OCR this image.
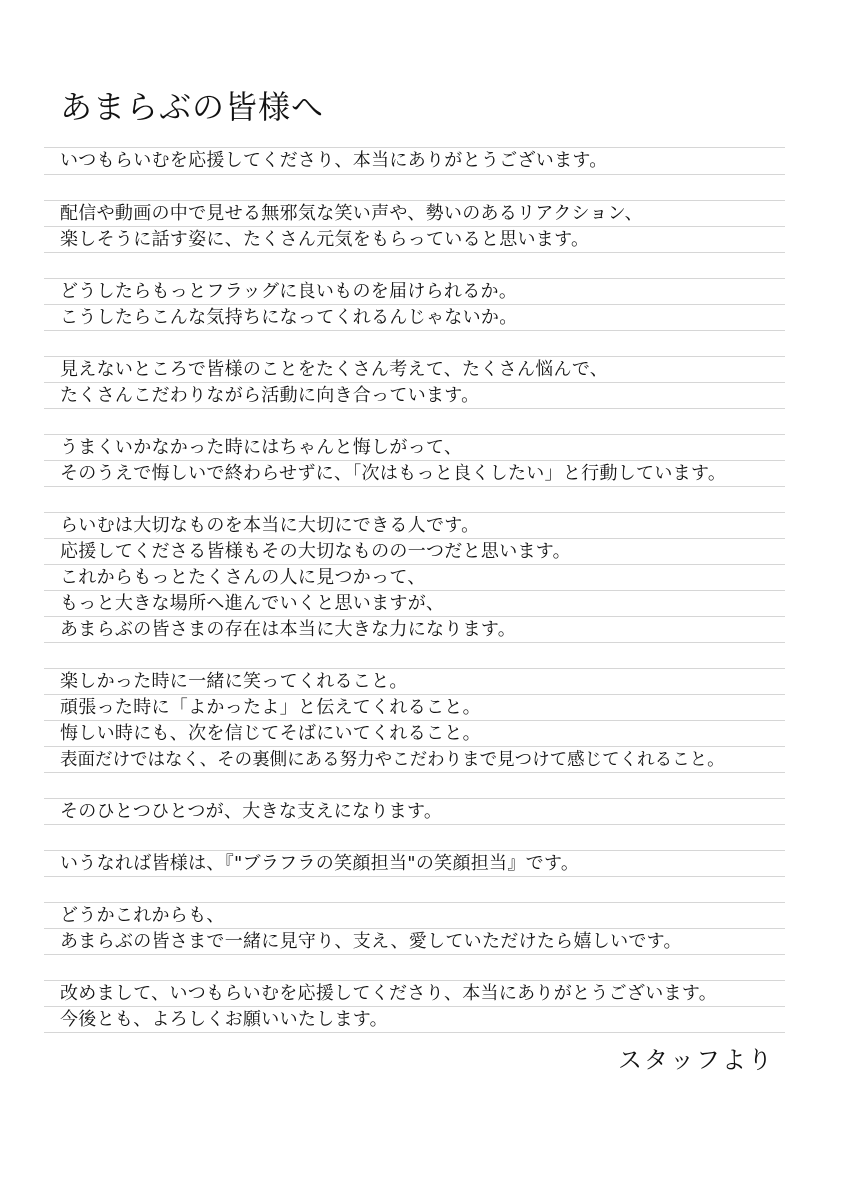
あまらぶの皆様へ
いつもらいむを応援してくださり、本当にありがとうございます。
配信や動画の中で見せる無邪気な笑い声や、勢いのあるリアクション、
楽しそうに話す姿に、たくさん元気をもらっていると思います。
どうしたらもっとフラッグに良いものを届けられるか。
こうしたらこんな気持ちになってくれるんじゃないか。
見えないところで皆様のことをたくさん考えて、たくさん悩んで、
たくさんこだわりながら活動に向き合っています。
うまくいかなかった時にはちゃんと悔しがって、
そのうえで悔しいで終わらせずに、「次はもっと良くしたい」と行動しています。
らいむは大切なものを本当に大切にできる人です。
応援してくださる皆様もその大切なものの一つだと思います。
これからもっとたくさんの人に見つかって、
もっと大きな場所へ進んでいくと思いますが、
あまらぶの皆さまの存在は本当に大きな力になります。
楽しかった時に一緒に笑ってくれること。
頑張った時に「よかったよ」と伝えてくれること。
悔しい時にも、次を信じてそばにいてくれること。
表面だけではなく、その裏側にある努力やこだわりまで見つけて感じてくれること。
そのひとつひとつが、大きな支えになります。
いうなれば皆様は、『"ブラフラの笑顔担当"の笑顔担当』です。
どうかこれからも、
あまらぶの皆さまで一緒に見守り、支え、愛していただけたら嬉しいです。
改めまして、いつもらいむを応援してくださり、本当にありがとうございます。
今後とも、よろしくお願いいたします。
スタッフより
